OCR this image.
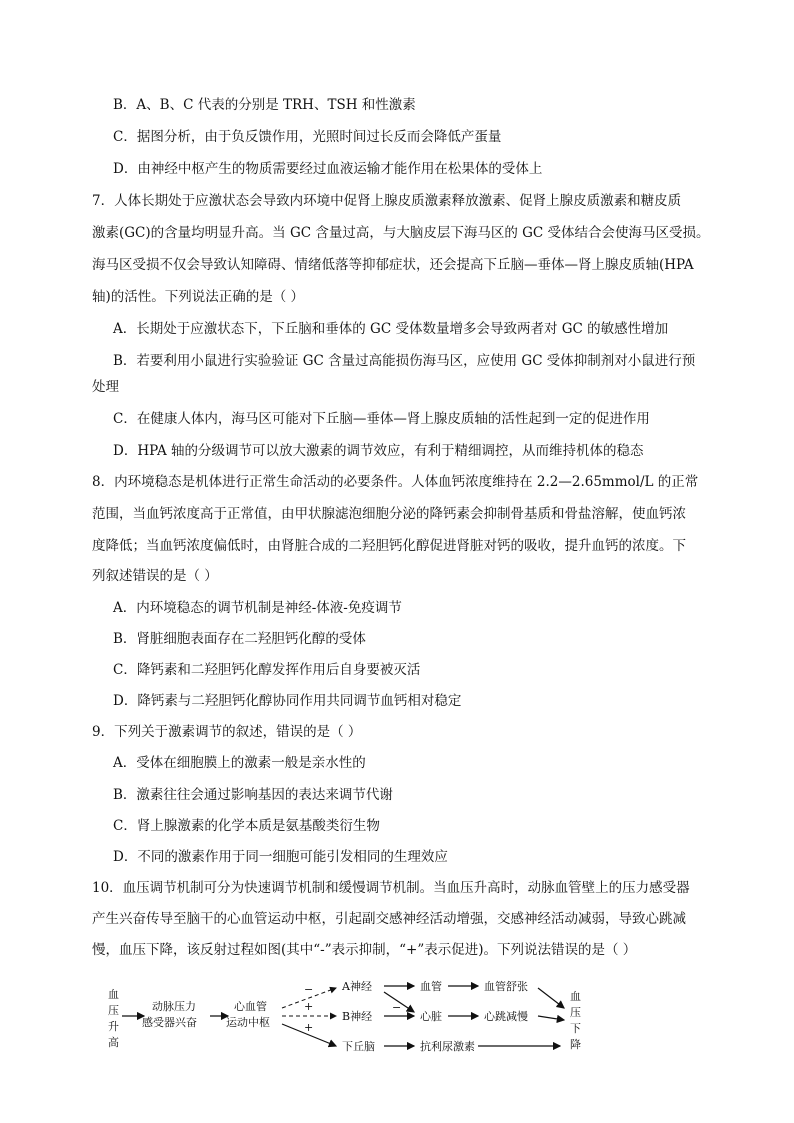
B．A、B、C 代表的分别是 TRH、TSH 和性激素
C．据图分析，由于负反馈作用，光照时间过长反而会降低产蛋量
D．由神经中枢产生的物质需要经过血液运输才能作用在松果体的受体上
7．人体长期处于应激状态会导致内环境中促肾上腺皮质激素释放激素、促肾上腺皮质激素和糖皮质
激素(GC)的含量均明显升高。当 GC 含量过高，与大脑皮层下海马区的 GC 受体结合会使海马区受损。
海马区受损不仅会导致认知障碍、情绪低落等抑郁症状，还会提高下丘脑—垂体—肾上腺皮质轴(HPA
轴)的活性。下列说法正确的是（ ）
A．长期处于应激状态下，下丘脑和垂体的 GC 受体数量增多会导致两者对 GC 的敏感性增加
B．若要利用小鼠进行实验验证 GC 含量过高能损伤海马区，应使用 GC 受体抑制剂对小鼠进行预
处理
C．在健康人体内，海马区可能对下丘脑—垂体—肾上腺皮质轴的活性起到一定的促进作用
D．HPA 轴的分级调节可以放大激素的调节效应，有利于精细调控，从而维持机体的稳态
8．内环境稳态是机体进行正常生命活动的必要条件。人体血钙浓度维持在 2.2—2.65mmol/L 的正常
范围，当血钙浓度高于正常值，由甲状腺滤泡细胞分泌的降钙素会抑制骨基质和骨盐溶解，使血钙浓
度降低；当血钙浓度偏低时，由肾脏合成的二羟胆钙化醇促进肾脏对钙的吸收，提升血钙的浓度。下
列叙述错误的是（ ）
A．内环境稳态的调节机制是神经-体液-免疫调节
B．肾脏细胞表面存在二羟胆钙化醇的受体
C．降钙素和二羟胆钙化醇发挥作用后自身要被灭活
D．降钙素与二羟胆钙化醇协同作用共同调节血钙相对稳定
9．下列关于激素调节的叙述，错误的是（ ）
A．受体在细胞膜上的激素一般是亲水性的
B．激素往往会通过影响基因的表达来调节代谢
C．肾上腺激素的化学本质是氨基酸类衍生物
D．不同的激素作用于同一细胞可能引发相同的生理效应
10．血压调节机制可分为快速调节机制和缓慢调节机制。当血压升高时，动脉血管壁上的压力感受器
产生兴奋传导至脑干的心血管运动中枢，引起副交感神经活动增强，交感神经活动减弱，导致心跳减
慢，血压下降，该反射过程如图(其中“-”表示抑制，“+”表示促进)。下列说法错误的是（ ）
血
压
升
高
动脉压力
感受器兴奋
心血管
运动中枢
−
+
+
A神经
B神经
下丘脑
−
血管
心脏
抗利尿激素
血管舒张
心跳减慢
血
压
下
降
